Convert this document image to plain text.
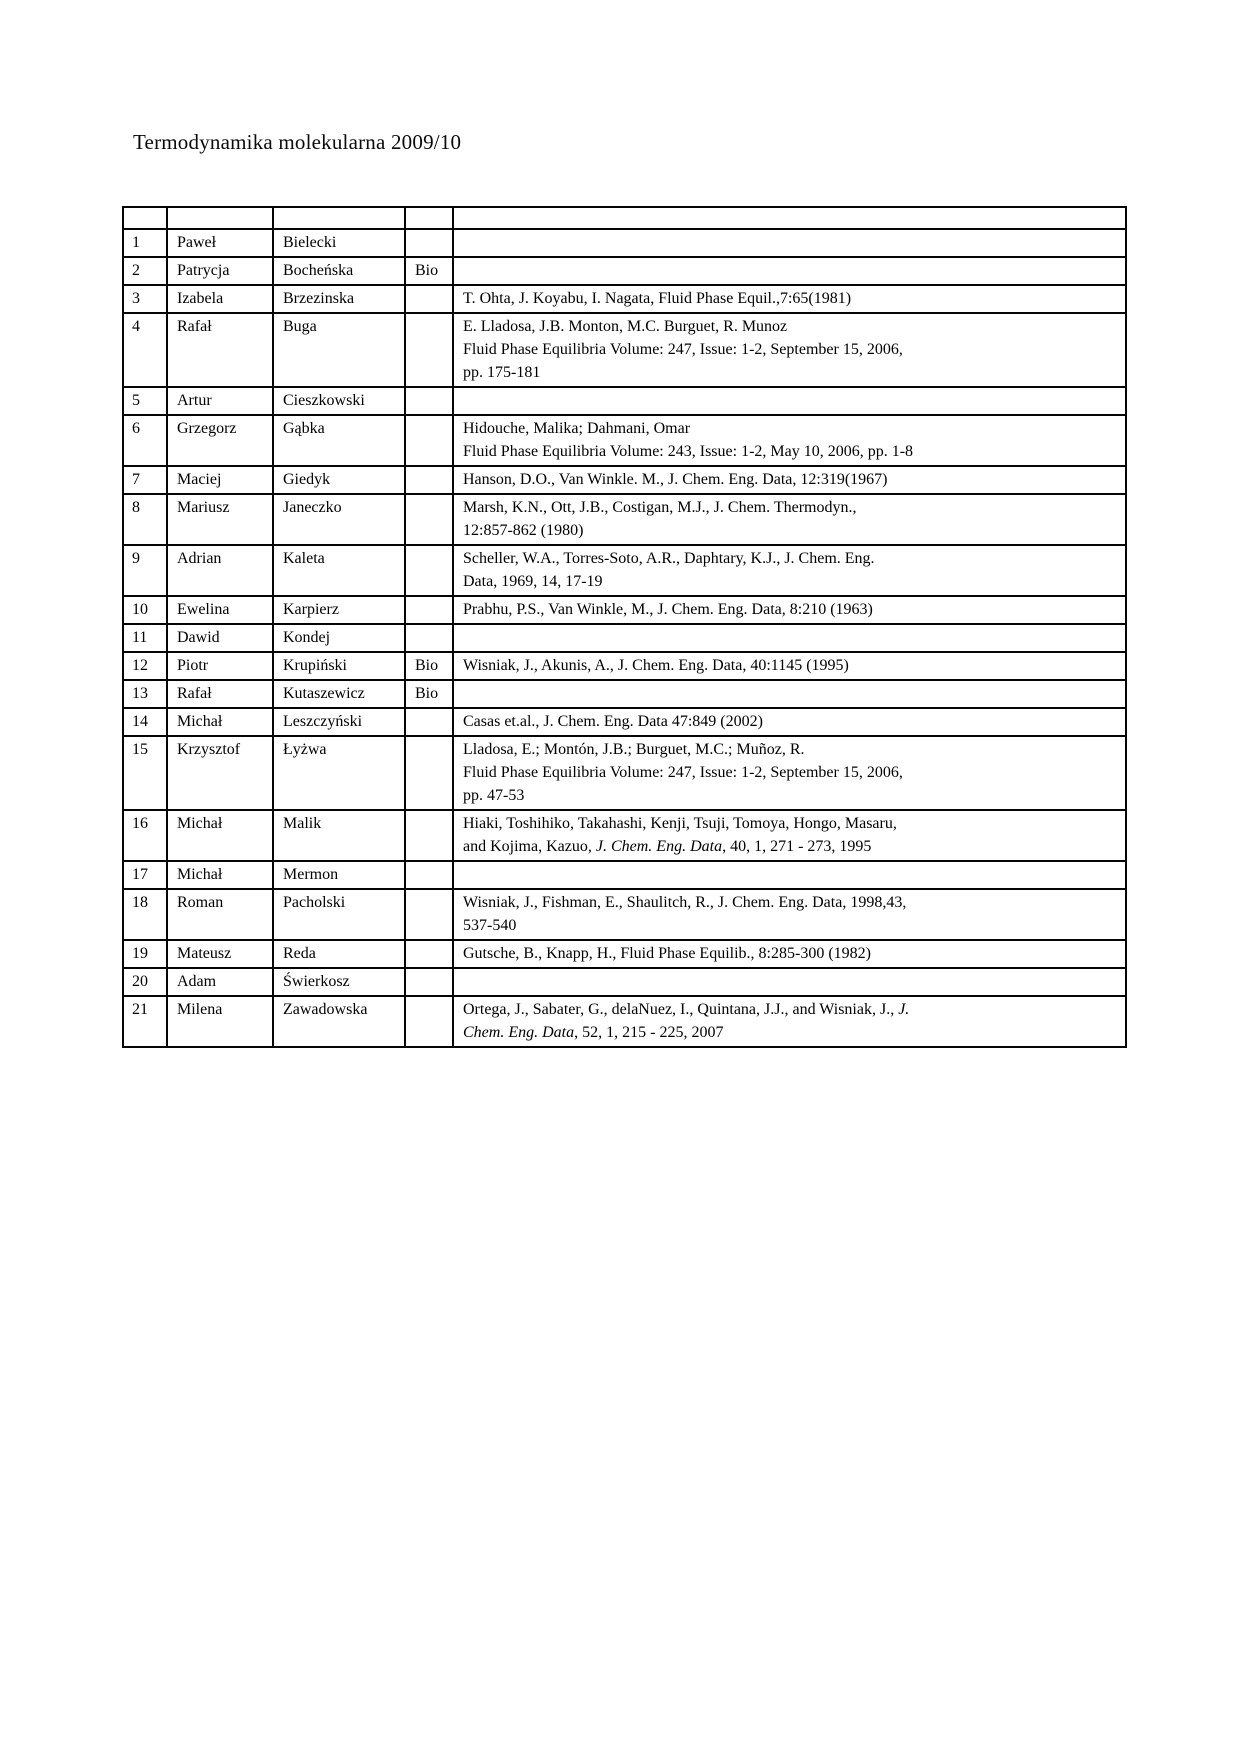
Termodynamika molekularna 2009/10

1	Paweł	Bielecki		

2	Patrycja	Bocheńska	Bio	

3	Izabela	Brzezinska		T. Ohta, J. Koyabu, I. Nagata, Fluid Phase Equil.,7:65(1981)

4	Rafał	Buga		E. Lladosa, J.B. Monton, M.C. Burguet, R. Munoz
Fluid Phase Equilibria Volume: 247, Issue: 1-2, September 15, 2006,
pp. 175-181

5	Artur	Cieszkowski		

6	Grzegorz	Gąbka		Hidouche, Malika; Dahmani, Omar
Fluid Phase Equilibria Volume: 243, Issue: 1-2, May 10, 2006, pp. 1-8

7	Maciej	Giedyk		Hanson, D.O., Van Winkle. M., J. Chem. Eng. Data, 12:319(1967)

8	Mariusz	Janeczko		Marsh, K.N., Ott, J.B., Costigan, M.J., J. Chem. Thermodyn.,
12:857-862 (1980)

9	Adrian	Kaleta		Scheller, W.A., Torres-Soto, A.R., Daphtary, K.J., J. Chem. Eng.
Data, 1969, 14, 17-19

10	Ewelina	Karpierz		Prabhu, P.S., Van Winkle, M., J. Chem. Eng. Data, 8:210 (1963)

11	Dawid	Kondej		

12	Piotr	Krupiński	Bio	Wisniak, J., Akunis, A., J. Chem. Eng. Data, 40:1145 (1995)

13	Rafał	Kutaszewicz	Bio	

14	Michał	Leszczyński		Casas et.al., J. Chem. Eng. Data 47:849 (2002)

15	Krzysztof	Łyżwa		Lladosa, E.; Montón, J.B.; Burguet, M.C.; Muñoz, R.
Fluid Phase Equilibria Volume: 247, Issue: 1-2, September 15, 2006,
pp. 47-53

16	Michał	Malik		Hiaki, Toshihiko, Takahashi, Kenji, Tsuji, Tomoya, Hongo, Masaru,
and Kojima, Kazuo, J. Chem. Eng. Data, 40, 1, 271 - 273, 1995

17	Michał	Mermon		

18	Roman	Pacholski		Wisniak, J., Fishman, E., Shaulitch, R., J. Chem. Eng. Data, 1998,43,
537-540

19	Mateusz	Reda		Gutsche, B., Knapp, H., Fluid Phase Equilib., 8:285-300 (1982)

20	Adam	Świerkosz		

21	Milena	Zawadowska		Ortega, J., Sabater, G., delaNuez, I., Quintana, J.J., and Wisniak, J., J.
Chem. Eng. Data, 52, 1, 215 - 225, 2007
